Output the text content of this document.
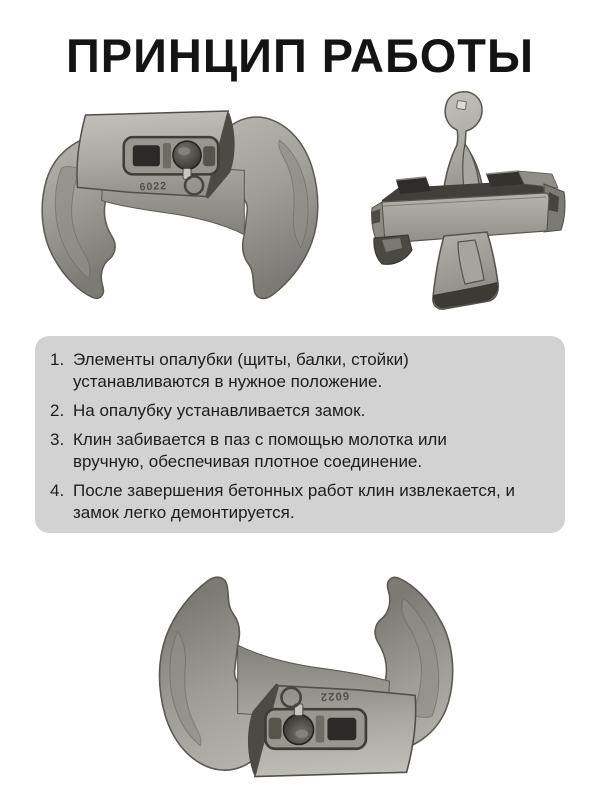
ПРИНЦИП РАБОТЫ
1. Элементы опалубки (щиты, балки, стойки) устанавливаются в нужное положение.
2. На опалубку устанавливается замок.
3. Клин забивается в паз с помощью молотка или вручную, обеспечивая плотное соединение.
4. После завершения бетонных работ клин извлекается, и замок легко демонтируется.
